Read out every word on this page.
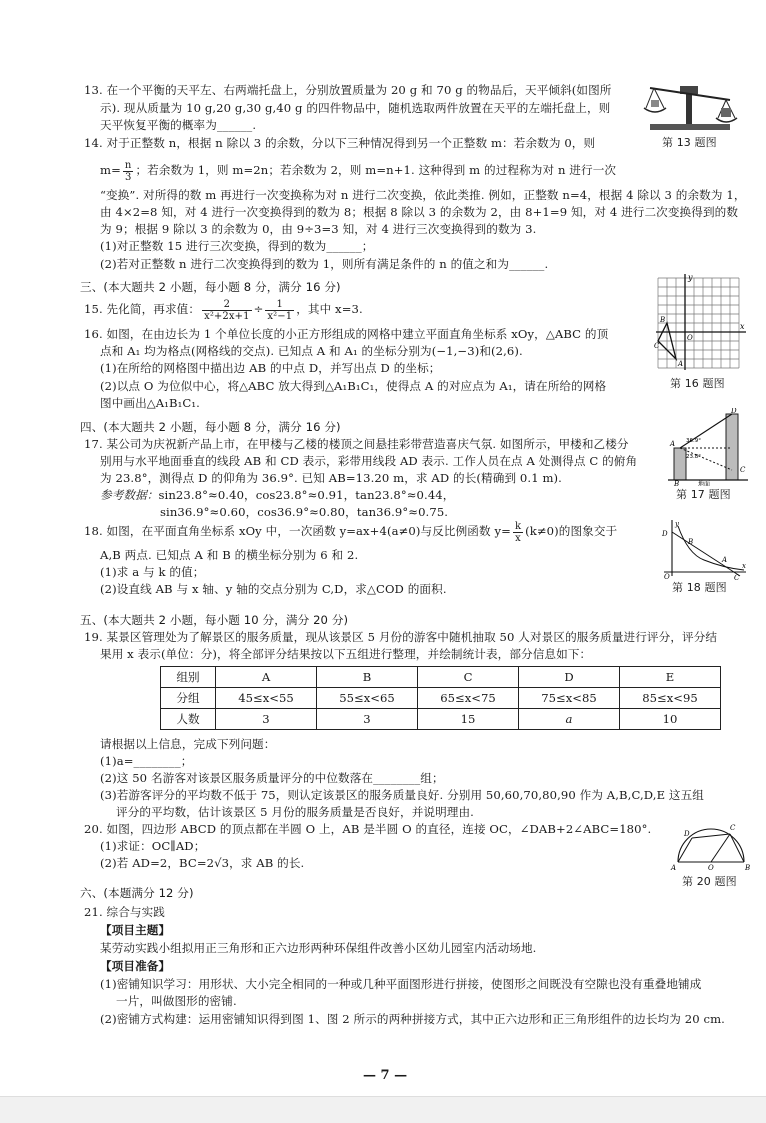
13. 在一个平衡的天平左、右两端托盘上，分别放置质量为 20 g 和 70 g 的物品后，天平倾斜(如图所
示). 现从质量为 10 g,20 g,30 g,40 g 的四件物品中，随机选取两件放置在天平的左端托盘上，则
天平恢复平衡的概率为______.
第 13 题图
14. 对于正整数 n，根据 n 除以 3 的余数，分以下三种情况得到另一个正整数 m：若余数为 0，则
$m= \frac{n}{3}$ ；若余数为 1，则 m=2n；若余数为 2，则 m=n+1. 这种得到 m 的过程称为对 n 进行一次
“变换”. 对所得的数 m 再进行一次变换称为对 n 进行二次变换，依此类推. 例如，正整数 n=4，根据 4 除以 3 的余数为 1，
由 4×2=8 知，对 4 进行一次变换得到的数为 8；根据 8 除以 3 的余数为 2，由 8+1=9 知，对 4 进行二次变换得到的数
为 9；根据 9 除以 3 的余数为 0，由 9÷3=3 知，对 4 进行三次变换得到的数为 3.
(1)对正整数 15 进行三次变换，得到的数为______；
(2)若对正整数 n 进行二次变换得到的数为 1，则所有满足条件的 n 的值之和为______.
三、(本大题共 2 小题，每小题 8 分，满分 16 分)
15. 先化简，再求值： $\frac{2}{\text{x²+2x+1}} \div \frac{1}{\text{x²−1}}$ ，其中 x=3.
16. 如图，在由边长为 1 个单位长度的小正方形组成的网格中建立平面直角坐标系 xOy，△ABC 的顶
点和 A₁ 均为格点(网格线的交点). 已知点 A 和 A₁ 的坐标分别为(−1,−3)和(2,6).
(1)在所给的网格图中描出边 AB 的中点 D，并写出点 D 的坐标；
(2)以点 O 为位似中心，将△ABC 放大得到△A₁B₁C₁，使得点 A 的对应点为 A₁，请在所给的网格
图中画出△A₁B₁C₁.
y
x
A
B
C
O
第 16 题图
四、(本大题共 2 小题，每小题 8 分，满分 16 分)
17. 某公司为庆祝新产品上市，在甲楼与乙楼的楼顶之间悬挂彩带营造喜庆气氛. 如图所示，甲楼和乙楼分
别用与水平地面垂直的线段 AB 和 CD 表示，彩带用线段 AD 表示. 工作人员在点 A 处测得点 C 的俯角
为 23.8°，测得点 D 的仰角为 36.9°. 已知 AB=13.20 m，求 AD 的长(精确到 0.1 m).
参考数据：sin23.8°≈0.40，cos23.8°≈0.91，tan23.8°≈0.44，
sin36.9°≈0.60，cos36.9°≈0.80，tan36.9°≈0.75.
D
A
B
C
地面
36.9°
23.8°
第 17 题图
18. 如图，在平面直角坐标系 xOy 中，一次函数 y=ax+4(a≠0)与反比例函数 $y= \frac{k}{x} (k\ne 0)$的图象交于
A,B 两点. 已知点 A 和 B 的横坐标分别为 6 和 2.
(1)求 a 与 k 的值；
(2)设直线 AB 与 x 轴、y 轴的交点分别为 C,D，求△COD 的面积.
y
x
O
D
B
A
C
第 18 题图
五、(本大题共 2 小题，每小题 10 分，满分 20 分)
19. 某景区管理处为了解景区的服务质量，现从该景区 5 月份的游客中随机抽取 50 人对景区的服务质量进行评分，评分结
果用 x 表示(单位：分)，将全部评分结果按以下五组进行整理，并绘制统计表，部分信息如下：
组别	A	B	C	D	E
分组	45≤x<55	55≤x<65	65≤x<75	75≤x<85	85≤x<95
人数	3	3	15	a	10
请根据以上信息，完成下列问题：
(1)a=________；
(2)这 50 名游客对该景区服务质量评分的中位数落在________组；
(3)若游客评分的平均数不低于 75，则认定该景区的服务质量良好. 分别用 50,60,70,80,90 作为 A,B,C,D,E 这五组
评分的平均数，估计该景区 5 月份的服务质量是否良好，并说明理由.
20. 如图，四边形 ABCD 的顶点都在半圆 O 上，AB 是半圆 O 的直径，连接 OC，∠DAB+2∠ABC=180°.
(1)求证：OC∥AD；
(2)若 AD=2，BC=2√3，求 AB 的长.
D
C
A	O	B
第 20 题图
六、(本题满分 12 分)
21. 综合与实践
【项目主题】
某劳动实践小组拟用正三角形和正六边形两种环保组件改善小区幼儿园室内活动场地.
【项目准备】
(1)密铺知识学习：用形状、大小完全相同的一种或几种平面图形进行拼接，使图形之间既没有空隙也没有重叠地铺成
一片，叫做图形的密铺.
(2)密铺方式构建：运用密铺知识得到图 1、图 2 所示的两种拼接方式，其中正六边形和正三角形组件的边长均为 20 cm.
— 7 —
